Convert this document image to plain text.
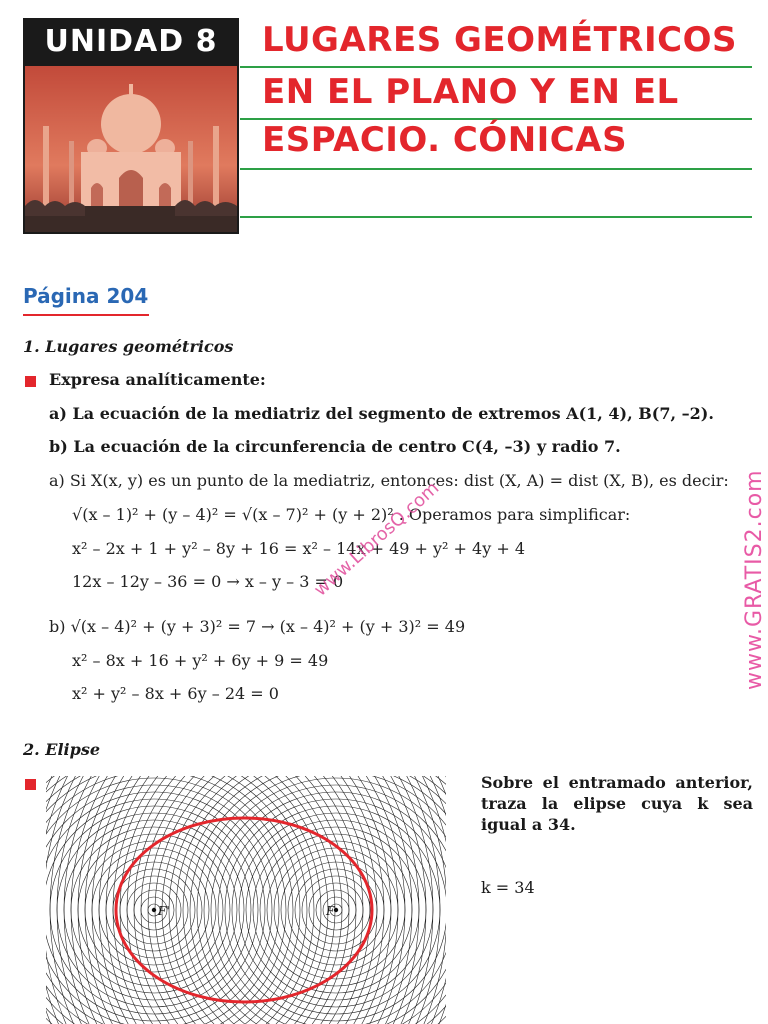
UNIDAD 8	LUGARES GEOMÉTRICOS
EN EL PLANO Y EN EL
ESPACIO. CÓNICAS
Página 204
1. Lugares geométricos
Expresa analíticamente:
a) La ecuación de la mediatriz del segmento de extremos A(1, 4), B(7, –2).
b) La ecuación de la circunferencia de centro C(4, –3) y radio 7.
a) Si X(x, y) es un punto de la mediatriz, entonces: dist (X, A) = dist (X, B), es decir:
√(x – 1)² + (y – 4)² = √(x – 7)² + (y + 2)² . Operamos para simplificar:
x² – 2x + 1 + y² – 8y + 16 = x² – 14x + 49 + y² + 4y + 4
12x – 12y – 36 = 0 → x – y – 3 = 0
b) √(x – 4)² + (y + 3)² = 7 → (x – 4)² + (y + 3)² = 49
x² – 8x + 16 + y² + 6y + 9 = 49
x² + y² – 8x + 6y – 24 = 0
2. Elipse
F'	F
Sobre el entramado anterior, traza la elipse cuya k sea igual a 34.
k = 34
www.LibrosQ.com	www.GRATIS2.com
